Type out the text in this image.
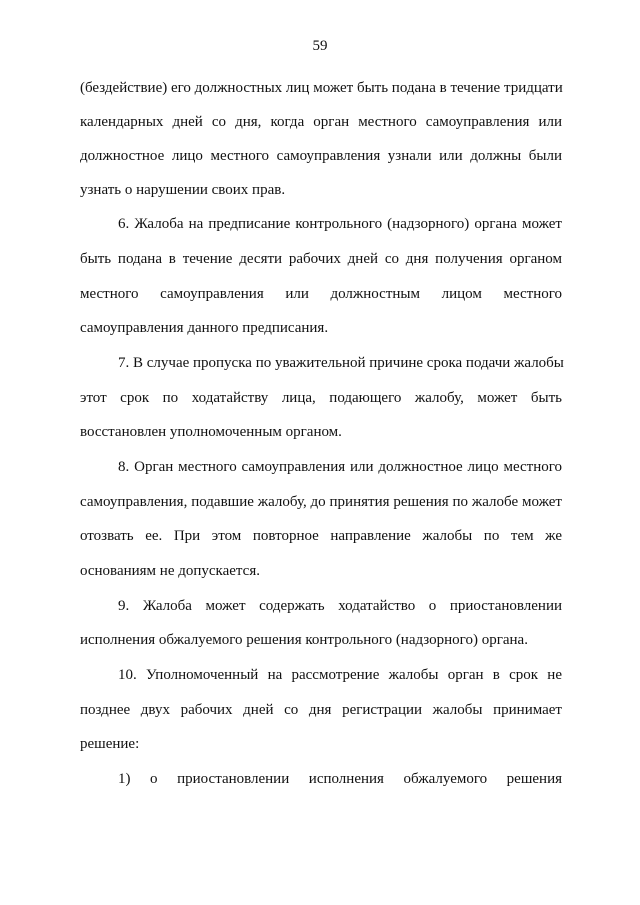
59
(бездействие) его должностных лиц может быть подана в течение тридцати
календарных дней со дня, когда орган местного самоуправления или
должностное лицо местного самоуправления узнали или должны были
узнать о нарушении своих прав.
6. Жалоба на предписание контрольного (надзорного) органа может
быть подана в течение десяти рабочих дней со дня получения органом
местного самоуправления или должностным лицом местного
самоуправления данного предписания.
7. В случае пропуска по уважительной причине срока подачи жалобы
этот срок по ходатайству лица, подающего жалобу, может быть
восстановлен уполномоченным органом.
8. Орган местного самоуправления или должностное лицо местного
самоуправления, подавшие жалобу, до принятия решения по жалобе может
отозвать ее. При этом повторное направление жалобы по тем же
основаниям не допускается.
9. Жалоба может содержать ходатайство о приостановлении
исполнения обжалуемого решения контрольного (надзорного) органа.
10. Уполномоченный на рассмотрение жалобы орган в срок не
позднее двух рабочих дней со дня регистрации жалобы принимает
решение:
1) о приостановлении исполнения обжалуемого решения
